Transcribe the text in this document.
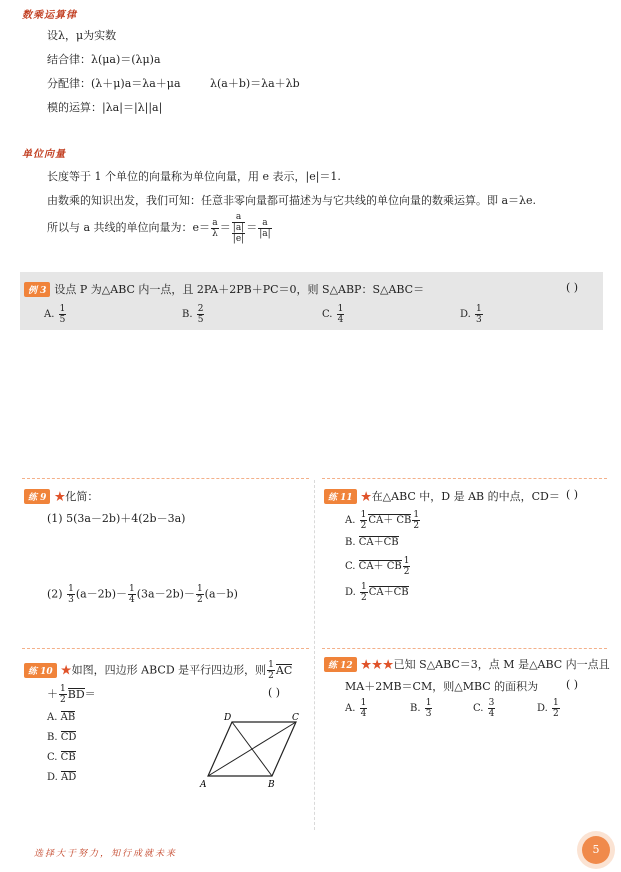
数乘运算律
设λ，μ为实数
结合律：λ(μa)＝(λμ)a
分配律：(λ＋μ)a＝λa＋μa	λ(a＋b)＝λa＋λb
模的运算：|λa|＝|λ||a|
单位向量
长度等于 1 个单位的向量称为单位向量，用 e 表示，|e|＝1.
由数乘的知识出发，我们可知：任意非零向量都可描述为与它共线的单位向量的数乘运算。即 a＝λe.
所以与 a 共线的单位向量为：$e= \frac{a}{\lambda}$ ＝
a
|a|
|e|
＝ $\frac{a}{|a|}$
例 3 设点 P 为△ABC 内一点，且 2PA＋2PB＋PC＝0，则 S△ABP：S△ABC＝	( )
A. $\frac{1}{5}$	B. $\frac{2}{5}$	C. $\frac{1}{4}$	D. $\frac{1}{3}$
练 9 ★化简：
(1) 5(3a－2b)＋4(2b－3a)
$(2) \frac{1}{3} (a-2b)- \frac{1}{4} (3a-2b)- \frac{1}{2} (a-b)$
练 11 ★在△ABC 中，D 是 AB 的中点，CD＝ ( )
A. $\frac{1}{2} CA+$ CB $\frac{1}{2}$
B. CA＋CB
C. CA＋ CB $\frac{1}{2}$
D. $\frac{1}{2} CA+CB$
练 10 ★如图，四边形 ABCD 是平行四边形，则 $\frac{1}{2}$ AC
＋ $\frac{1}{2} BD=$	( )
A. AB
B. CD
C. CB
D. AD
A	B
C
D
练 12 ★★★已知 S△ABC＝3，点 M 是△ABC 内一点且
MA＋2MB＝CM，则△MBC 的面积为	( )
A. $\frac{1}{4}$	B. $\frac{1}{3}$	C. $\frac{3}{4}$	D. $\frac{1}{2}$
选择大于努力，知行成就未来	5
